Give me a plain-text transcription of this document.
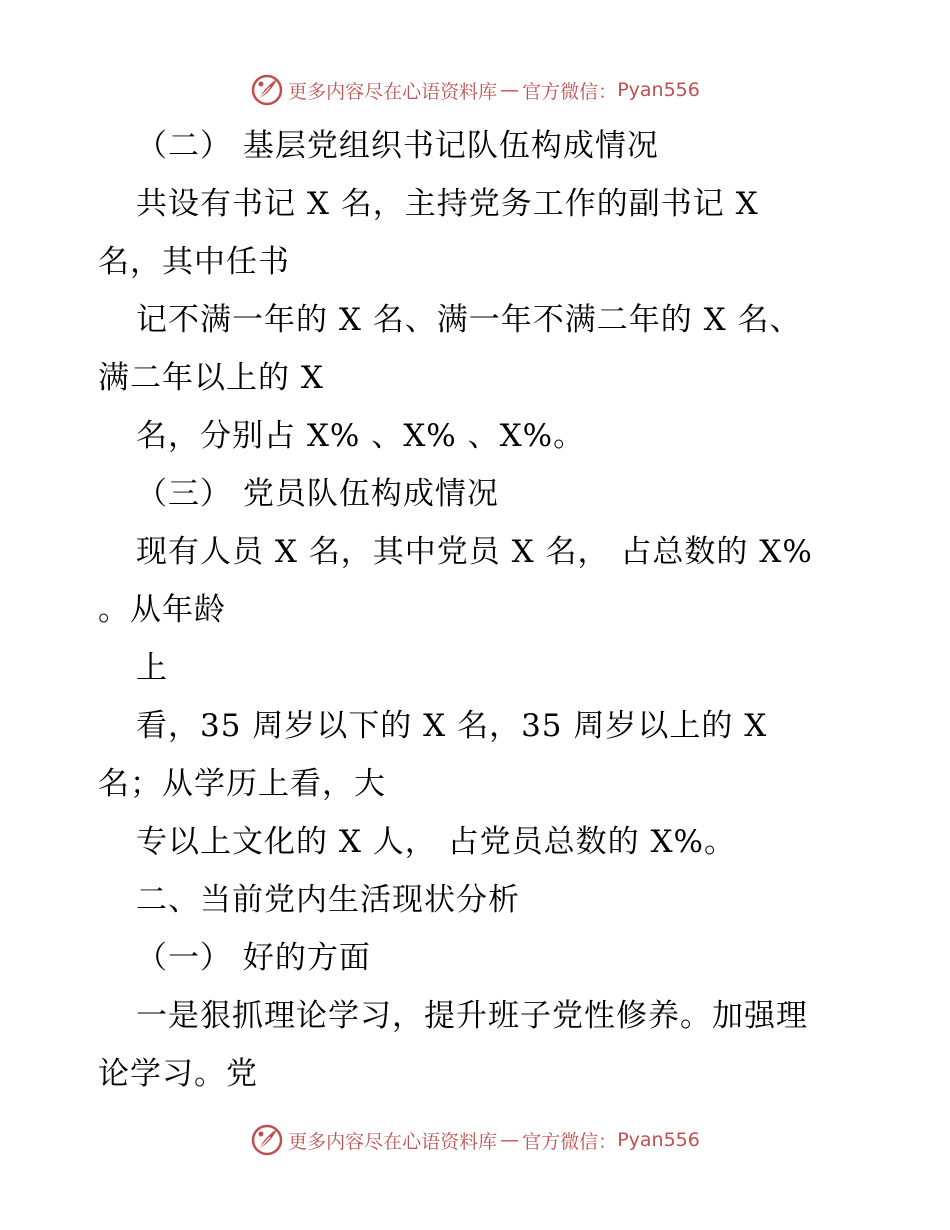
更多内容尽在心语资料库 — 官方微信 ： Pyan556
（二） 基层党组织书记队伍构成情况
共设有书记 X 名，主持党务工作的副书记 X
名，其中任书
记不满一年的 X 名、满一年不满二年的 X 名、
满二年以上的 X
名，分别占 X% 、X% 、X%。
（三） 党员队伍构成情况
现有人员 X 名，其中党员 X 名， 占总数的 X%
。从年龄
上
看，35 周岁以下的 X 名，35 周岁以上的 X
名；从学历上看，大
专以上文化的 X 人， 占党员总数的 X%。
二、当前党内生活现状分析
（一） 好的方面
一是狠抓理论学习，提升班子党性修养。加强理
论学习。党
更多内容尽在心语资料库 — 官方微信 ： Pyan556
